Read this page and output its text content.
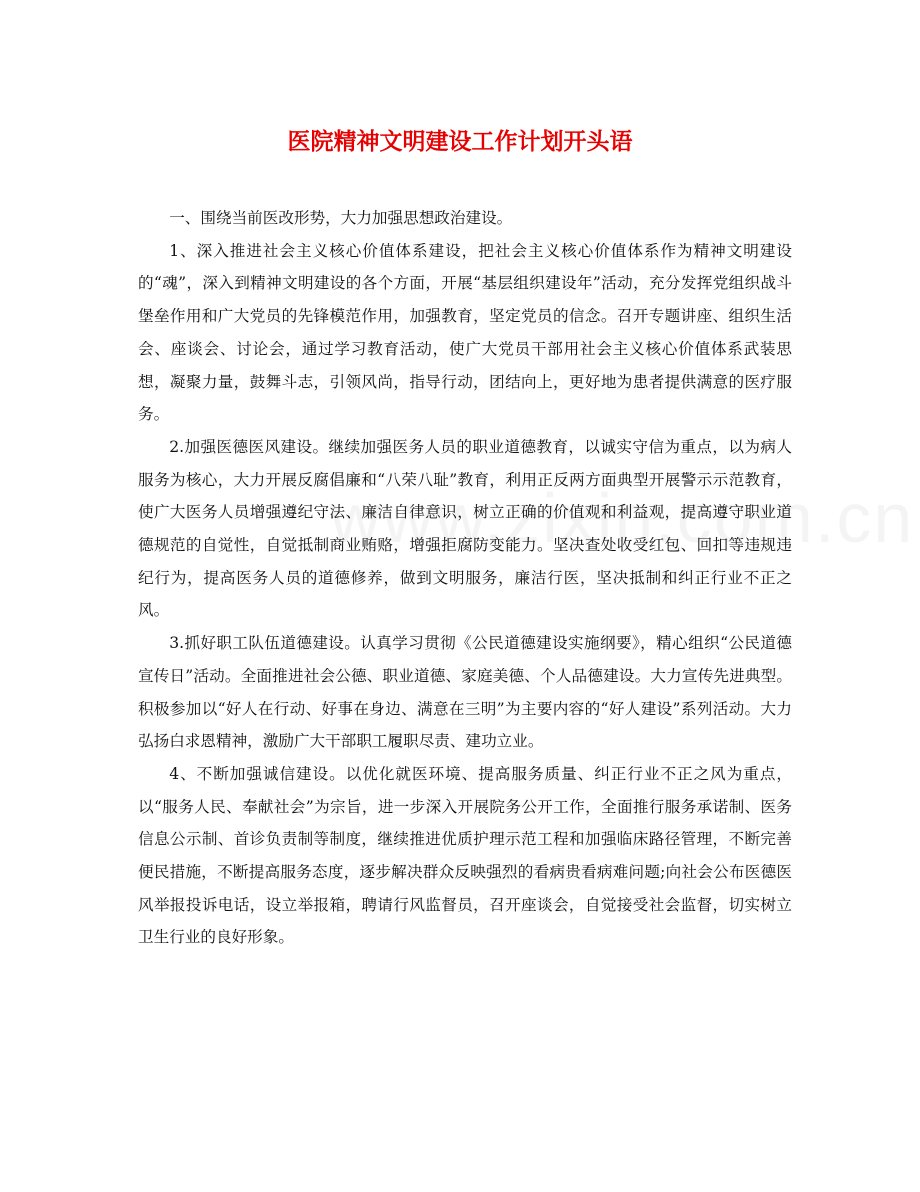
医院精神文明建设工作计划开头语

一、围绕当前医改形势，大力加强思想政治建设。

1、深入推进社会主义核心价值体系建设，把社会主义核心价值体系作为精神文明建设的“魂”，深入到精神文明建设的各个方面，开展“基层组织建设年”活动，充分发挥党组织战斗堡垒作用和广大党员的先锋模范作用，加强教育，坚定党员的信念。召开专题讲座、组织生活会、座谈会、讨论会，通过学习教育活动，使广大党员干部用社会主义核心价值体系武装思想，凝聚力量，鼓舞斗志，引领风尚，指导行动，团结向上，更好地为患者提供满意的医疗服务。

2.加强医德医风建设。继续加强医务人员的职业道德教育，以诚实守信为重点，以为病人服务为核心，大力开展反腐倡廉和“八荣八耻”教育，利用正反两方面典型开展警示示范教育，使广大医务人员增强遵纪守法、廉洁自律意识，树立正确的价值观和利益观，提高遵守职业道德规范的自觉性，自觉抵制商业贿赂，增强拒腐防变能力。坚决查处收受红包、回扣等违规违纪行为，提高医务人员的道德修养，做到文明服务，廉洁行医，坚决抵制和纠正行业不正之风。

3.抓好职工队伍道德建设。认真学习贯彻《公民道德建设实施纲要》，精心组织“公民道德宣传日”活动。全面推进社会公德、职业道德、家庭美德、个人品德建设。大力宣传先进典型。积极参加以“好人在行动、好事在身边、满意在三明”为主要内容的“好人建设”系列活动。大力弘扬白求恩精神，激励广大干部职工履职尽责、建功立业。

4、不断加强诚信建设。以优化就医环境、提高服务质量、纠正行业不正之风为重点，以“服务人民、奉献社会”为宗旨，进一步深入开展院务公开工作，全面推行服务承诺制、医务信息公示制、首诊负责制等制度，继续推进优质护理示范工程和加强临床路径管理，不断完善便民措施，不断提高服务态度，逐步解决群众反映强烈的看病贵看病难问题;向社会公布医德医风举报投诉电话，设立举报箱，聘请行风监督员，召开座谈会，自觉接受社会监督，切实树立卫生行业的良好形象。
